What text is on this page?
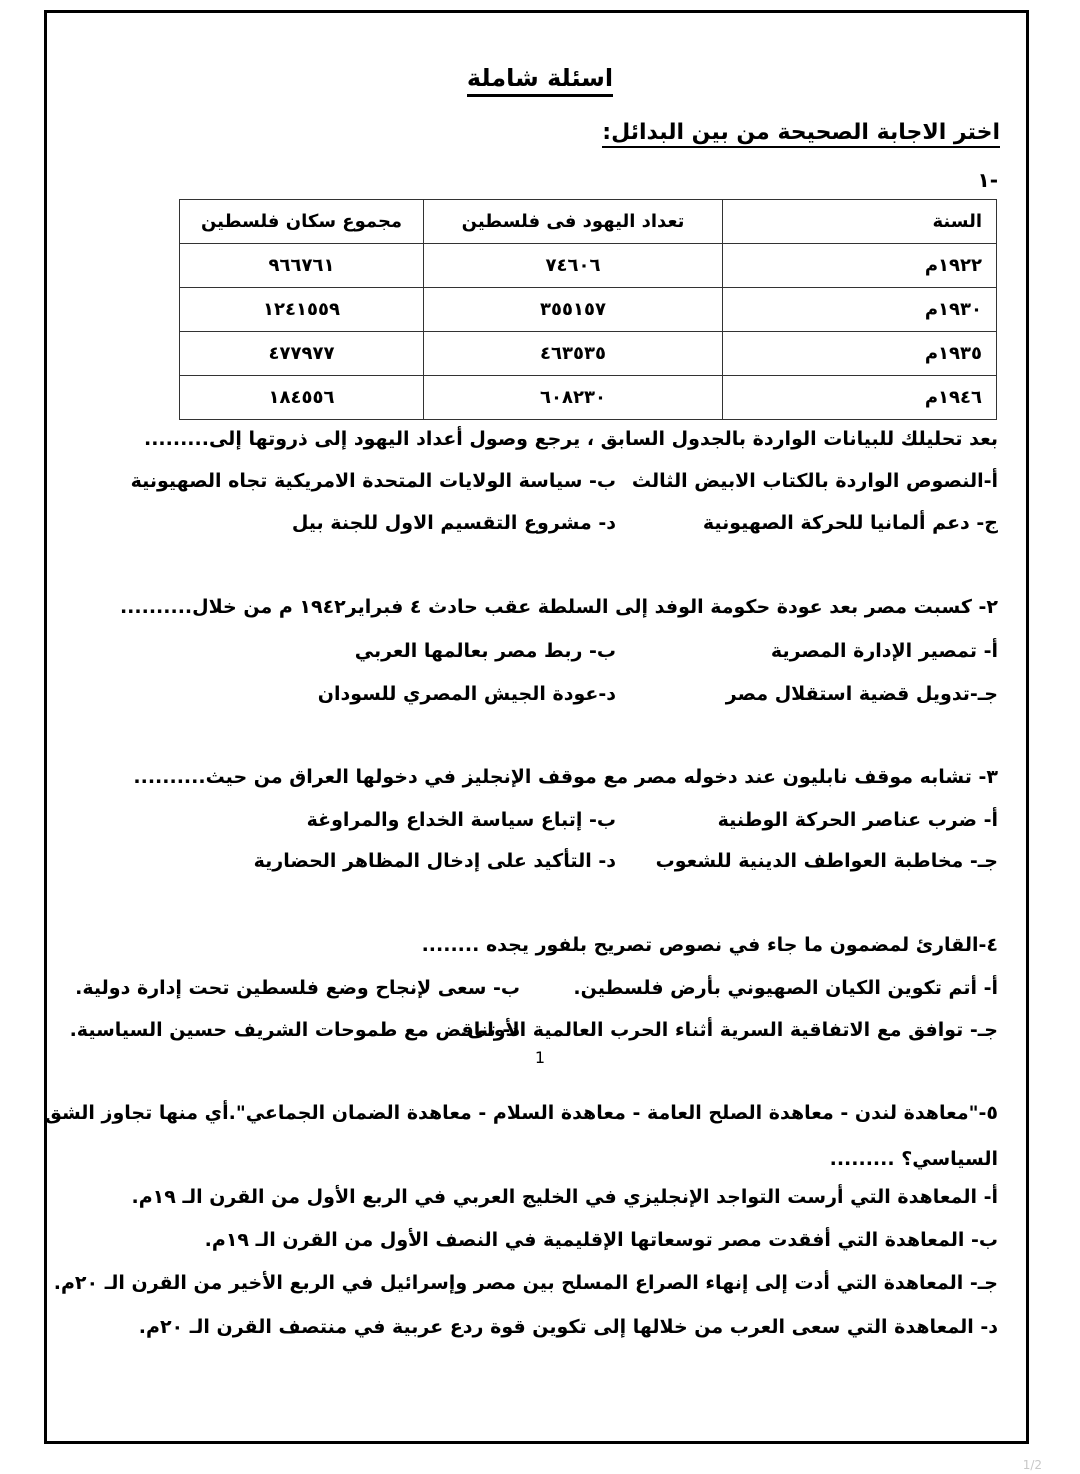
اسئلة شاملة
اختر الاجابة الصحيحة من بين البدائل:
١-
السنة	تعداد اليهود فى فلسطين	مجموع سكان فلسطين
١٩٢٢م	٧٤٦٠٦	٩٦٦٧٦١
١٩٣٠م	٣٥٥١٥٧	١٢٤١٥٥٩
١٩٣٥م	٤٦٣٥٣٥	٤٧٧٩٧٧
١٩٤٦م	٦٠٨٢٣٠	١٨٤٥٥٦
بعد تحليلك للبيانات الواردة بالجدول السابق ، يرجع وصول أعداد اليهود إلى ذروتها إلى.........
أ-النصوص الواردة بالكتاب الابيض الثالث
ب- سياسة الولايات المتحدة الامريكية تجاه الصهيونية
ج- دعم ألمانيا للحركة الصهيونية
د- مشروع التقسيم الاول للجنة بيل
٢- كسبت مصر بعد عودة حكومة الوفد إلى السلطة عقب حادث ٤ فبراير١٩٤٢ م من خلال..........
أ- تمصير الإدارة المصرية
ب- ربط مصر بعالمها العربي
جـ-تدويل قضية استقلال مصر
د-عودة الجيش المصري للسودان
٣- تشابه موقف نابليون عند دخوله مصر مع موقف الإنجليز في دخولها العراق من حيث..........
أ- ضرب عناصر الحركة الوطنية
ب- إتباع سياسة الخداع والمراوغة
جـ- مخاطبة العواطف الدينية للشعوب
د- التأكيد على إدخال المظاهر الحضارية
٤-القارئ لمضمون ما جاء في نصوص تصريح بلفور يجده ........
أ- أتم تكوين الكيان الصهيوني بأرض فلسطين.
ب- سعى لإنجاح وضع فلسطين تحت إدارة دولية.
جـ- توافق مع الاتفاقية السرية أثناء الحرب العالمية الأولى.
د- تناقض مع طموحات الشريف حسين السياسية.
٥-"معاهدة لندن - معاهدة الصلح العامة - معاهدة السلام - معاهدة الضمان الجماعي".أي منها تجاوز الشق
السياسي؟ .........
أ- المعاهدة التي أرست التواجد الإنجليزي في الخليج العربي في الربع الأول من القرن الـ ١٩م.
ب- المعاهدة التي أفقدت مصر توسعاتها الإقليمية في النصف الأول من القرن الـ ١٩م.
جـ- المعاهدة التي أدت إلى إنهاء الصراع المسلح بين مصر وإسرائيل في الربع الأخير من القرن الـ ٢٠م.
د- المعاهدة التي سعى العرب من خلالها إلى تكوين قوة ردع عربية في منتصف القرن الـ ٢٠م.
1
1/2
